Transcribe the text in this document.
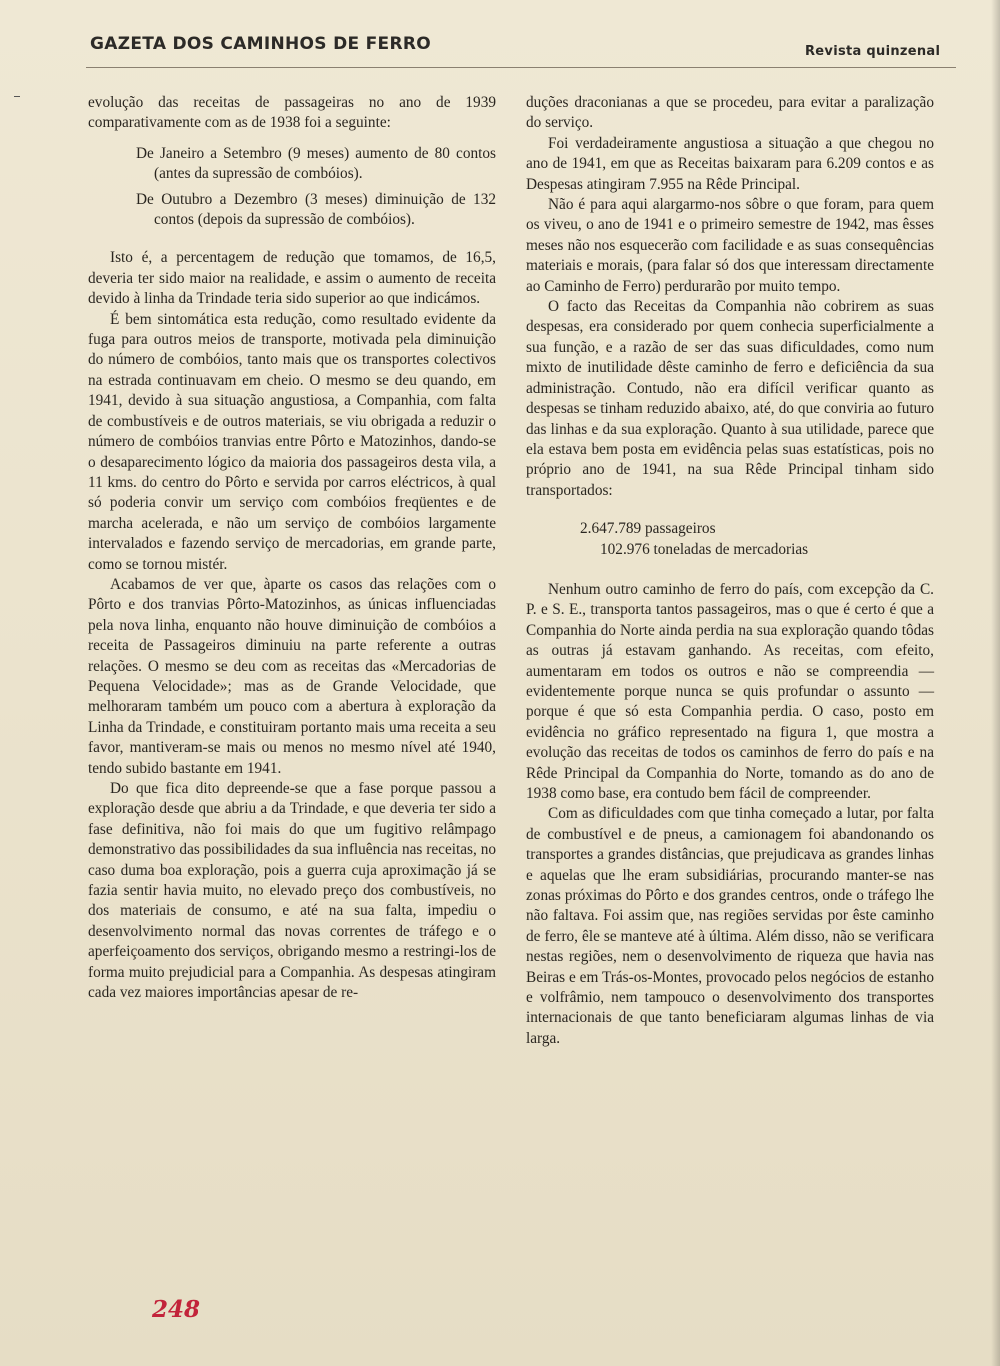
GAZETA DOS CAMINHOS DE FERRO	Revista quinzenal

evolução das receitas de passageiras no ano de 1939 comparativamente com as de 1938 foi a seguinte:

De Janeiro a Setembro (9 meses) aumento de 80 contos (antes da supressão de combóios).

De Outubro a Dezembro (3 meses) diminuição de 132 contos (depois da supressão de combóios).

Isto é, a percentagem de redução que tomamos, de 16,5, deveria ter sido maior na realidade, e assim o aumento de receita devido à linha da Trindade teria sido superior ao que indicámos.

É bem sintomática esta redução, como resultado evidente da fuga para outros meios de transporte, motivada pela diminuição do número de combóios, tanto mais que os transportes colectivos na estrada continuavam em cheio. O mesmo se deu quando, em 1941, devido à sua situação angustiosa, a Companhia, com falta de combustíveis e de outros materiais, se viu obrigada a reduzir o número de combóios tranvias entre Pôrto e Matozinhos, dando-se o desaparecimento lógico da maioria dos passageiros desta vila, a 11 kms. do centro do Pôrto e servida por carros eléctricos, à qual só poderia convir um serviço com combóios freqüentes e de marcha acelerada, e não um serviço de combóios largamente intervalados e fazendo serviço de mercadorias, em grande parte, como se tornou mistér.

Acabamos de ver que, àparte os casos das relações com o Pôrto e dos tranvias Pôrto-Matozinhos, as únicas influenciadas pela nova linha, enquanto não houve diminuição de combóios a receita de Passageiros diminuiu na parte referente a outras relações. O mesmo se deu com as receitas das «Mercadorias de Pequena Velocidade»; mas as de Grande Velocidade, que melhoraram também um pouco com a abertura à exploração da Linha da Trindade, e constituiram portanto mais uma receita a seu favor, mantiveram-se mais ou menos no mesmo nível até 1940, tendo subido bastante em 1941.

Do que fica dito depreende-se que a fase porque passou a exploração desde que abriu a da Trindade, e que deveria ter sido a fase definitiva, não foi mais do que um fugitivo relâmpago demonstrativo das possibilidades da sua influência nas receitas, no caso duma boa exploração, pois a guerra cuja aproximação já se fazia sentir havia muito, no elevado preço dos combustíveis, no dos materiais de consumo, e até na sua falta, impediu o desenvolvimento normal das novas correntes de tráfego e o aperfeiçoamento dos serviços, obrigando mesmo a restringi-los de forma muito prejudicial para a Companhia. As despesas atingiram cada vez maiores importâncias apesar de re-

duções draconianas a que se procedeu, para evitar a paralização do serviço.

Foi verdadeiramente angustiosa a situação a que chegou no ano de 1941, em que as Receitas baixaram para 6.209 contos e as Despesas atingiram 7.955 na Rêde Principal.

Não é para aqui alargarmo-nos sôbre o que foram, para quem os viveu, o ano de 1941 e o primeiro semestre de 1942, mas êsses meses não nos esquecerão com facilidade e as suas consequências materiais e morais, (para falar só dos que interessam directamente ao Caminho de Ferro) perdurarão por muito tempo.

O facto das Receitas da Companhia não cobrirem as suas despesas, era considerado por quem conhecia superficialmente a sua função, e a razão de ser das suas dificuldades, como num mixto de inutilidade dêste caminho de ferro e deficiência da sua administração. Contudo, não era difícil verificar quanto as despesas se tinham reduzido abaixo, até, do que conviria ao futuro das linhas e da sua exploração. Quanto à sua utilidade, parece que ela estava bem posta em evidência pelas suas estatísticas, pois no próprio ano de 1941, na sua Rêde Principal tinham sido transportados:

2.647.789 passageiros
102.976 toneladas de mercadorias

Nenhum outro caminho de ferro do país, com excepção da C. P. e S. E., transporta tantos passageiros, mas o que é certo é que a Companhia do Norte ainda perdia na sua exploração quando tôdas as outras já estavam ganhando. As receitas, com efeito, aumentaram em todos os outros e não se compreendia — evidentemente porque nunca se quis profundar o assunto — porque é que só esta Companhia perdia. O caso, posto em evidência no gráfico representado na figura 1, que mostra a evolução das receitas de todos os caminhos de ferro do país e na Rêde Principal da Companhia do Norte, tomando as do ano de 1938 como base, era contudo bem fácil de compreender.

Com as dificuldades com que tinha começado a lutar, por falta de combustível e de pneus, a camionagem foi abandonando os transportes a grandes distâncias, que prejudicava as grandes linhas e aquelas que lhe eram subsidiárias, procurando manter-se nas zonas próximas do Pôrto e dos grandes centros, onde o tráfego lhe não faltava. Foi assim que, nas regiões servidas por êste caminho de ferro, êle se manteve até à última. Além disso, não se verificara nestas regiões, nem o desenvolvimento de riqueza que havia nas Beiras e em Trás-os-Montes, provocado pelos negócios de estanho e volfrâmio, nem tampouco o desenvolvimento dos transportes internacionais de que tanto beneficiaram algumas linhas de via larga.

248
